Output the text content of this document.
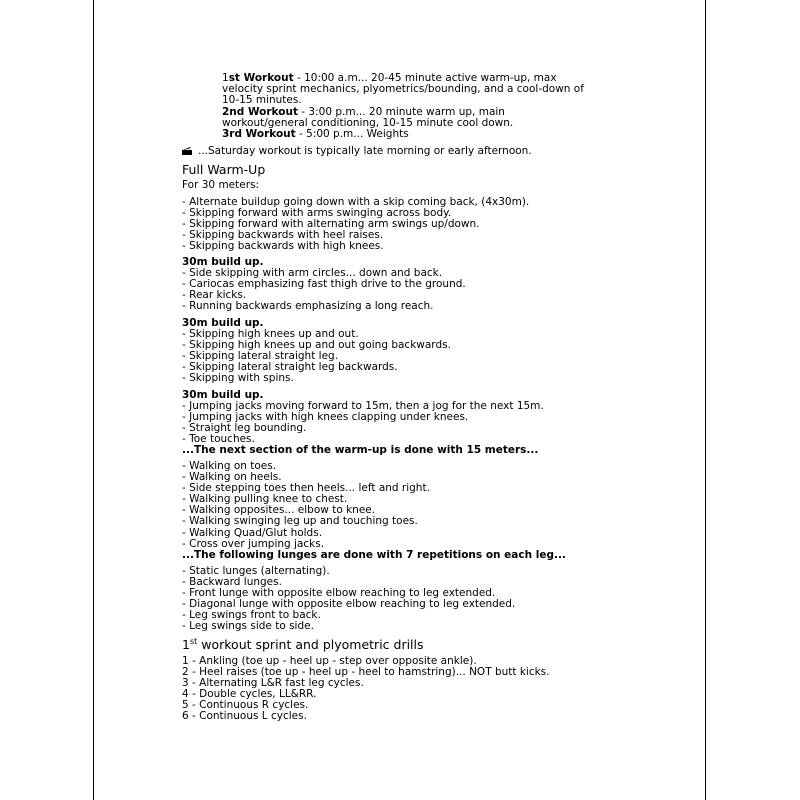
1st Workout - 10:00 a.m... 20-45 minute active warm-up, max
velocity sprint mechanics, plyometrics/bounding, and a cool-down of
10-15 minutes.
2nd Workout - 3:00 p.m... 20 minute warm up, main
workout/general conditioning, 10-15 minute cool down.
3rd Workout - 5:00 p.m... Weights
...Saturday workout is typically late morning or early afternoon.
Full Warm-Up
For 30 meters:
- Alternate buildup going down with a skip coming back, (4x30m).
- Skipping forward with arms swinging across body.
- Skipping forward with alternating arm swings up/down.
- Skipping backwards with heel raises.
- Skipping backwards with high knees.
30m build up.
- Side skipping with arm circles... down and back.
- Cariocas emphasizing fast thigh drive to the ground.
- Rear kicks.
- Running backwards emphasizing a long reach.
30m build up.
- Skipping high knees up and out.
- Skipping high knees up and out going backwards.
- Skipping lateral straight leg.
- Skipping lateral straight leg backwards.
- Skipping with spins.
30m build up.
- Jumping jacks moving forward to 15m, then a jog for the next 15m.
- Jumping jacks with high knees clapping under knees.
- Straight leg bounding.
- Toe touches.
...The next section of the warm-up is done with 15 meters...
- Walking on toes.
- Walking on heels.
- Side stepping toes then heels... left and right.
- Walking pulling knee to chest.
- Walking opposites... elbow to knee.
- Walking swinging leg up and touching toes.
- Walking Quad/Glut holds.
- Cross over jumping jacks.
...The following lunges are done with 7 repetitions on each leg...
- Static lunges (alternating).
- Backward lunges.
- Front lunge with opposite elbow reaching to leg extended.
- Diagonal lunge with opposite elbow reaching to leg extended.
- Leg swings front to back.
- Leg swings side to side.
1st workout sprint and plyometric drills
1 - Ankling (toe up - heel up - step over opposite ankle).
2 - Heel raises (toe up - heel up - heel to hamstring)... NOT butt kicks.
3 - Alternating L&R fast leg cycles.
4 - Double cycles, LL&RR.
5 - Continuous R cycles.
6 - Continuous L cycles.
